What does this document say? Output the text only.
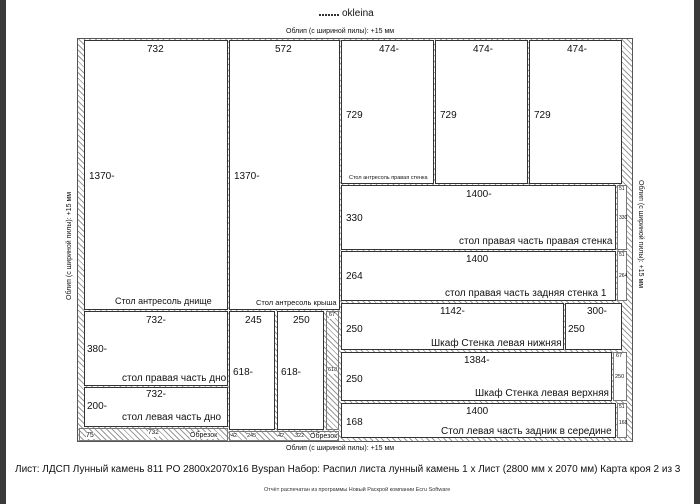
okleina
Облип (с шириной пилы): +15 мм
Облип (с шириной пилы): +15 мм
Облип (с шириной пилы): +15 мм	Облип (с шириной пилы): +15 мм
732
1370-
Стол антресоль днище
572
1370-
Стол антресоль крыша
474-
729
Стол антресоль правая стенка
474-
729
474-
729
1400-
330
стол правая часть правая стенка
51
330
1400
264
стол правая часть задняя стенка 1
51
264
732-
380-
стол правая часть дно
732-
200-
стол левая часть дно
75	732	Обрезок
245
618-
250
618-
67
618
42 245	42 322 Обрезок
1142-
250
Шкаф Стенка левая нижняя
300-
250
1384-
250
Шкаф Стенка левая верхняя
67
250
1400
168
Стол левая часть задник в середине
51
168
Лист: ЛДСП Лунный камень 811 PO 2800x2070x16 Byspan Набор: Распил листа лунный камень 1 х Лист (2800 мм х 2070 мм) Карта кроя 2 из 3
Отчёт распечатан из программы Новый Раскрой компании Ecru Software
